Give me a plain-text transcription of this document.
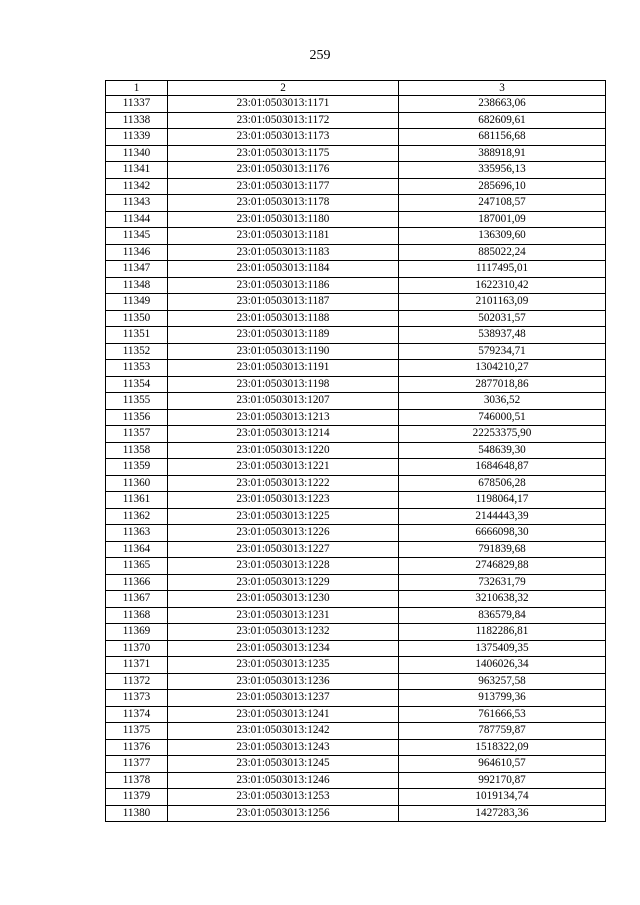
259
1	2	3
11337	23:01:0503013:1171	238663,06
11338	23:01:0503013:1172	682609,61
11339	23:01:0503013:1173	681156,68
11340	23:01:0503013:1175	388918,91
11341	23:01:0503013:1176	335956,13
11342	23:01:0503013:1177	285696,10
11343	23:01:0503013:1178	247108,57
11344	23:01:0503013:1180	187001,09
11345	23:01:0503013:1181	136309,60
11346	23:01:0503013:1183	885022,24
11347	23:01:0503013:1184	1117495,01
11348	23:01:0503013:1186	1622310,42
11349	23:01:0503013:1187	2101163,09
11350	23:01:0503013:1188	502031,57
11351	23:01:0503013:1189	538937,48
11352	23:01:0503013:1190	579234,71
11353	23:01:0503013:1191	1304210,27
11354	23:01:0503013:1198	2877018,86
11355	23:01:0503013:1207	3036,52
11356	23:01:0503013:1213	746000,51
11357	23:01:0503013:1214	22253375,90
11358	23:01:0503013:1220	548639,30
11359	23:01:0503013:1221	1684648,87
11360	23:01:0503013:1222	678506,28
11361	23:01:0503013:1223	1198064,17
11362	23:01:0503013:1225	2144443,39
11363	23:01:0503013:1226	6666098,30
11364	23:01:0503013:1227	791839,68
11365	23:01:0503013:1228	2746829,88
11366	23:01:0503013:1229	732631,79
11367	23:01:0503013:1230	3210638,32
11368	23:01:0503013:1231	836579,84
11369	23:01:0503013:1232	1182286,81
11370	23:01:0503013:1234	1375409,35
11371	23:01:0503013:1235	1406026,34
11372	23:01:0503013:1236	963257,58
11373	23:01:0503013:1237	913799,36
11374	23:01:0503013:1241	761666,53
11375	23:01:0503013:1242	787759,87
11376	23:01:0503013:1243	1518322,09
11377	23:01:0503013:1245	964610,57
11378	23:01:0503013:1246	992170,87
11379	23:01:0503013:1253	1019134,74
11380	23:01:0503013:1256	1427283,36
